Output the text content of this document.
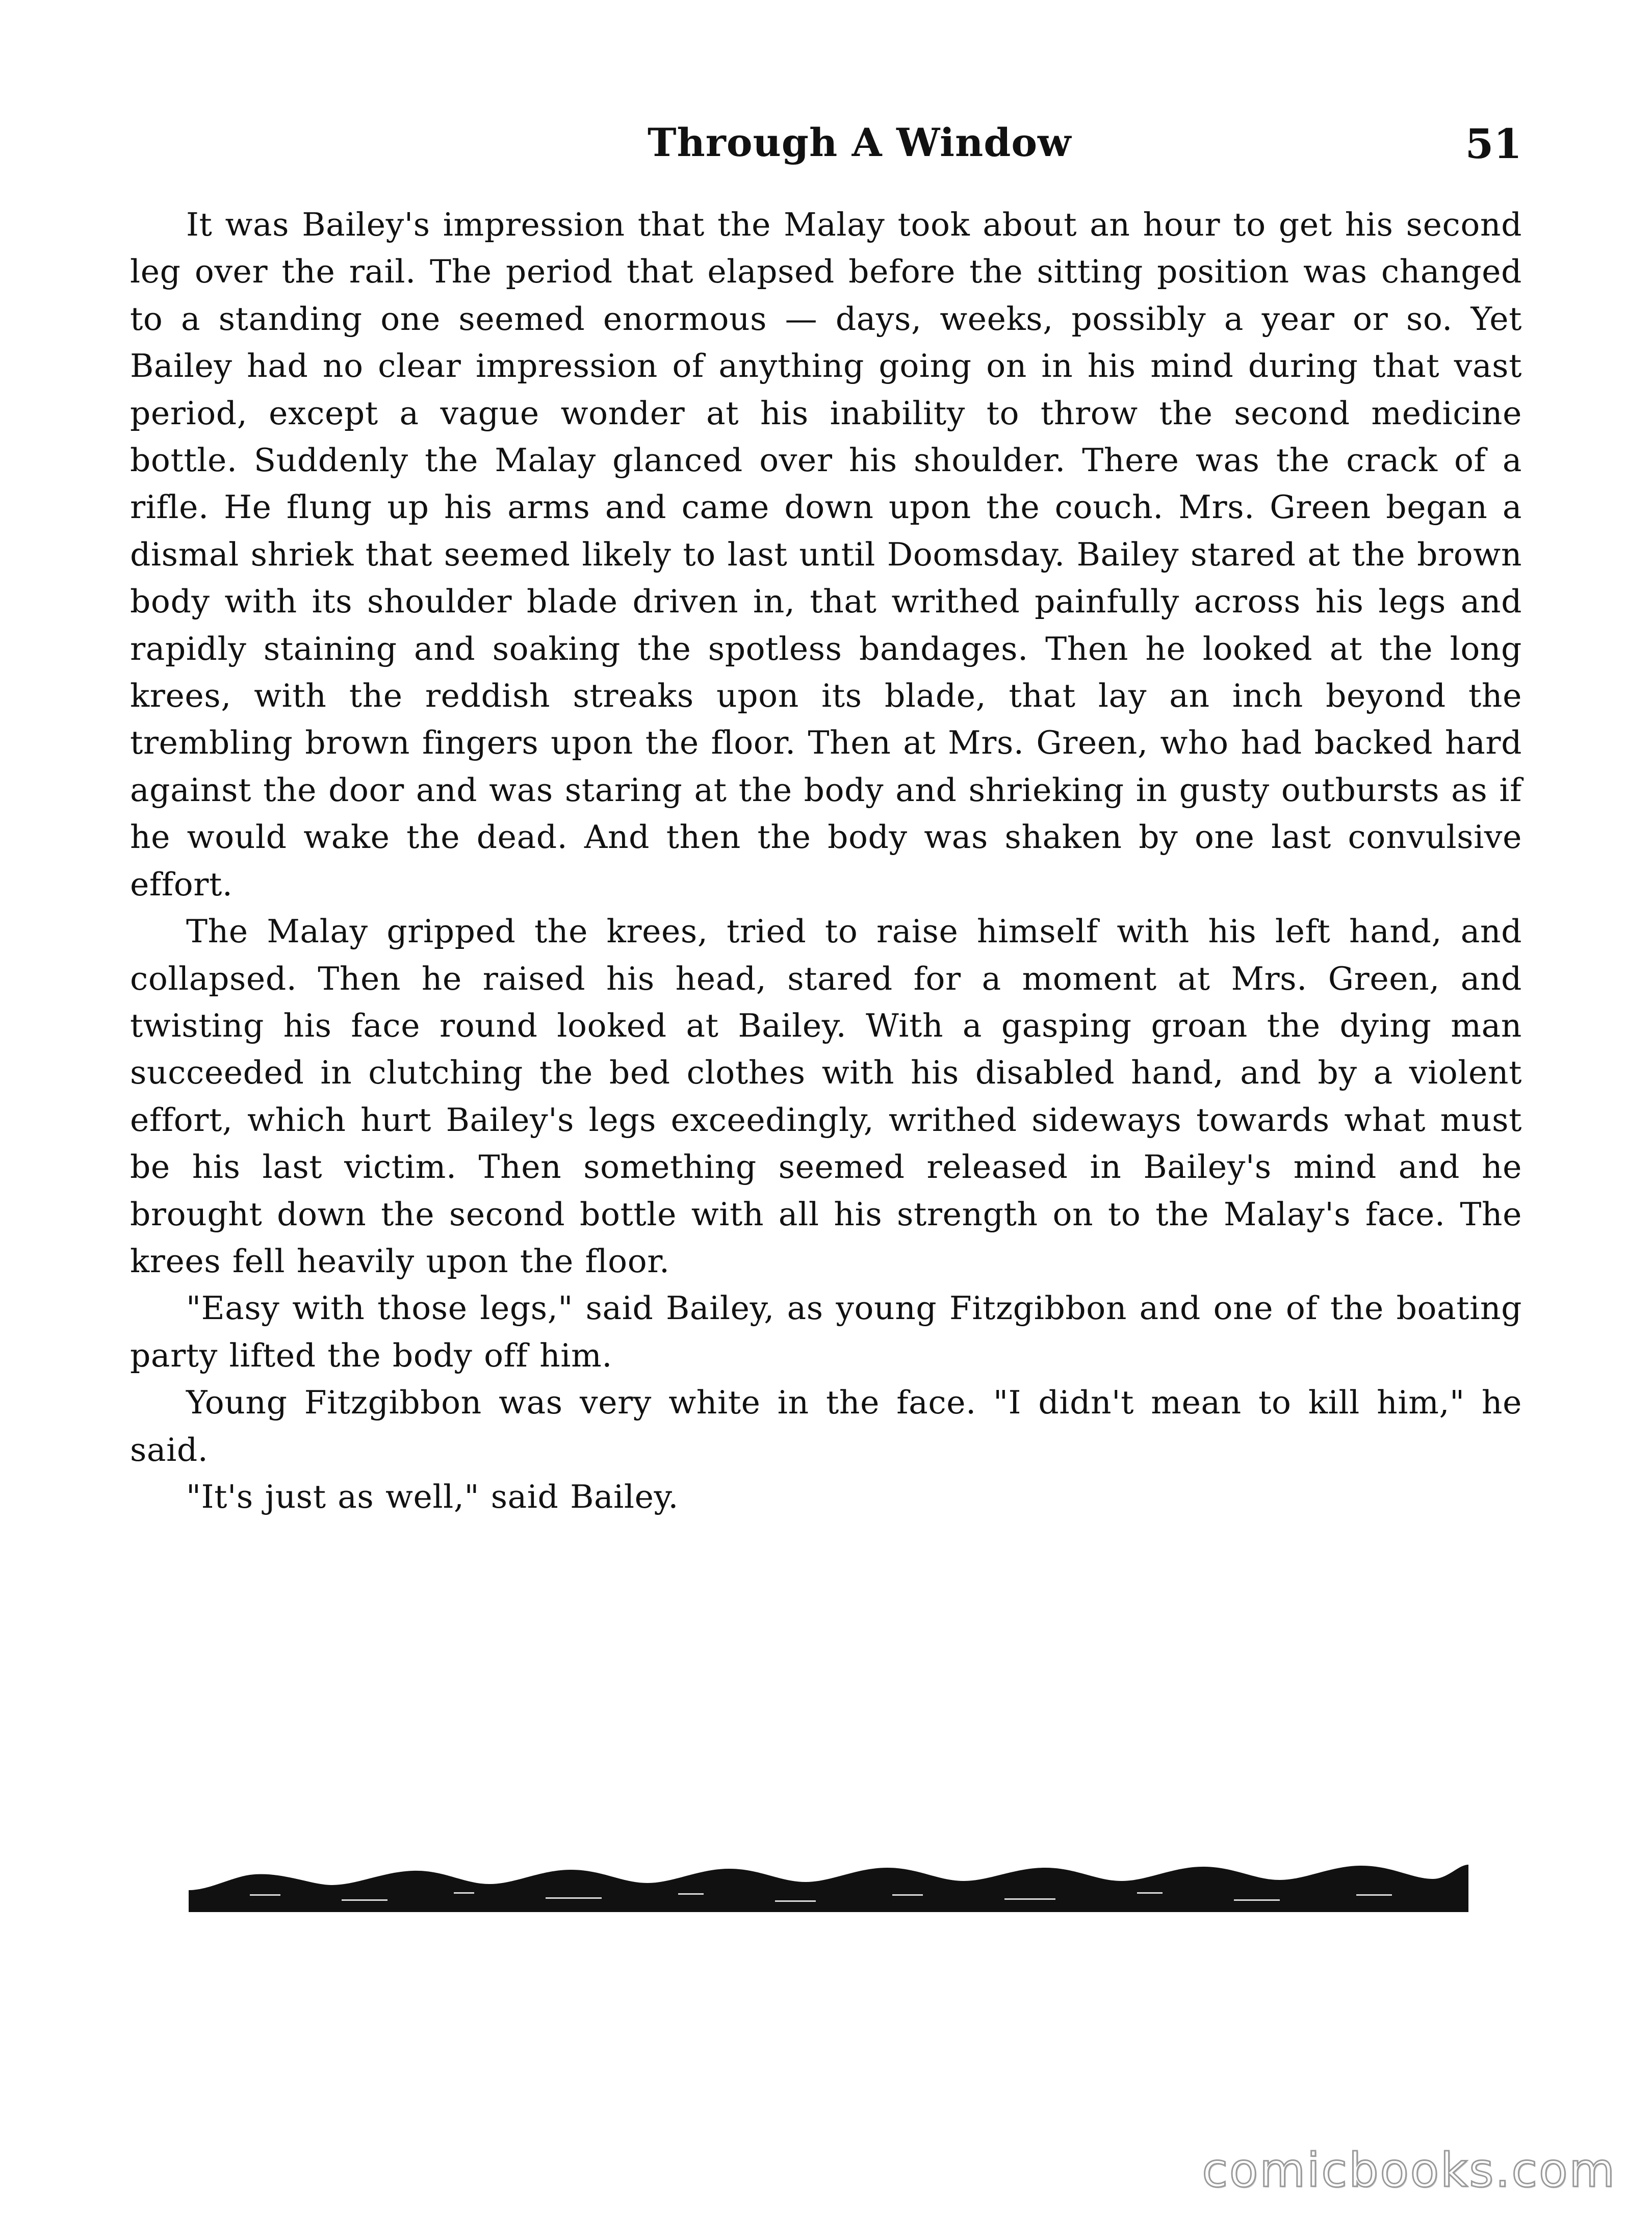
Through A Window	51

It was Bailey's impression that the Malay took about an hour to get his second leg over the rail. The period that elapsed before the sitting position was changed to a standing one seemed enormous — days, weeks, possibly a year or so. Yet Bailey had no clear impression of anything going on in his mind during that vast period, except a vague wonder at his inability to throw the second medicine bottle. Suddenly the Malay glanced over his shoulder. There was the crack of a rifle. He flung up his arms and came down upon the couch. Mrs. Green began a dismal shriek that seemed likely to last until Doomsday. Bailey stared at the brown body with its shoulder blade driven in, that writhed painfully across his legs and rapidly staining and soaking the spotless bandages. Then he looked at the long krees, with the reddish streaks upon its blade, that lay an inch beyond the trembling brown fingers upon the floor. Then at Mrs. Green, who had backed hard against the door and was staring at the body and shrieking in gusty outbursts as if he would wake the dead. And then the body was shaken by one last convulsive effort.

The Malay gripped the krees, tried to raise himself with his left hand, and collapsed. Then he raised his head, stared for a moment at Mrs. Green, and twisting his face round looked at Bailey. With a gasping groan the dying man succeeded in clutching the bed clothes with his disabled hand, and by a violent effort, which hurt Bailey's legs exceedingly, writhed sideways towards what must be his last victim. Then something seemed released in Bailey's mind and he brought down the second bottle with all his strength on to the Malay's face. The krees fell heavily upon the floor.

"Easy with those legs," said Bailey, as young Fitzgibbon and one of the boating party lifted the body off him.

Young Fitzgibbon was very white in the face. "I didn't mean to kill him," he said.

"It's just as well," said Bailey.

comicbooks.com
